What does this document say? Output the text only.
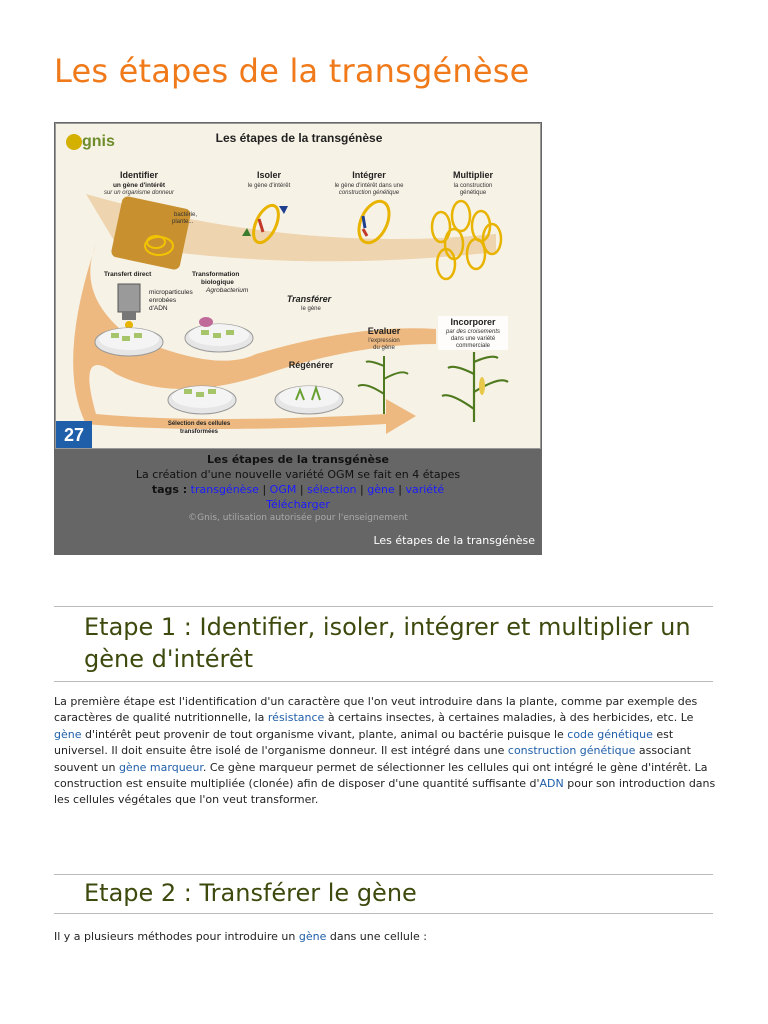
Les étapes de la transgénèse
gnis	Les étapes de la transgénèse
Identifier
un gène d'intérêt
sur un organisme donneur
Isoler
le gène d'intérêt
Intégrer
le gène d'intérêt dans une
construction génétique
Multiplier
la construction
génétique
bactérie,
plante...
Transfert direct	Transformation
biologique
Agrobacterium
microparticules
enrobées
d'ADN
Transférer
le gène
Evaluer
l'expression
du gène
Incorporer
par des croisements
dans une variété
commerciale
Régénérer
Sélection des cellules
transformées
27
Les étapes de la transgénèse
La création d'une nouvelle variété OGM se fait en 4 étapes
tags : transgénèse | OGM | sélection | gène | variété
Télécharger
©Gnis, utilisation autorisée pour l'enseignement
Les étapes de la transgénèse
Etape 1 : Identifier, isoler, intégrer et multiplier un gène d'intérêt

La première étape est l'identification d'un caractère que l'on veut introduire dans la plante, comme par exemple des caractères de qualité nutritionnelle, la résistance à certains insectes, à certaines maladies, à des herbicides, etc. Le gène d'intérêt peut provenir de tout organisme vivant, plante, animal ou bactérie puisque le code génétique est universel. Il doit ensuite être isolé de l'organisme donneur. Il est intégré dans une construction génétique associant souvent un gène marqueur. Ce gène marqueur permet de sélectionner les cellules qui ont intégré le gène d'intérêt. La construction est ensuite multipliée (clonée) afin de disposer d'une quantité suffisante d'ADN pour son introduction dans les cellules végétales que l'on veut transformer.

Etape 2 : Transférer le gène

Il y a plusieurs méthodes pour introduire un gène dans une cellule :
